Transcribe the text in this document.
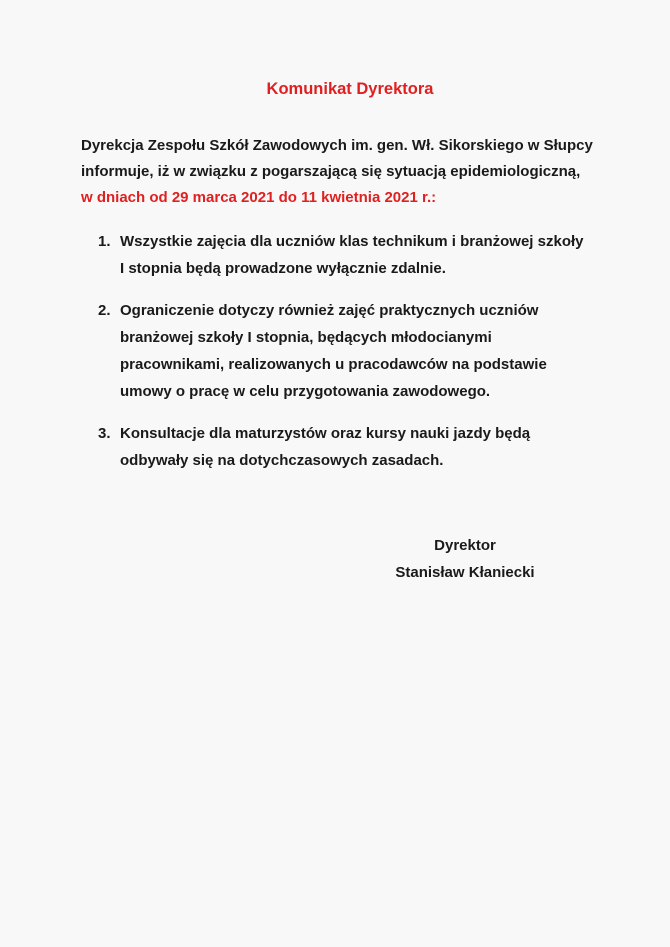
Komunikat Dyrektora
Dyrekcja Zespołu Szkół Zawodowych im. gen. Wł. Sikorskiego w Słupcy
informuje, iż w związku z pogarszającą się sytuacją epidemiologiczną,
w dniach od 29 marca 2021 do 11 kwietnia 2021 r.:
1. Wszystkie zajęcia dla uczniów klas technikum i branżowej szkoły
I stopnia będą prowadzone wyłącznie zdalnie.
2. Ograniczenie dotyczy również zajęć praktycznych uczniów
branżowej szkoły I stopnia, będących młodocianymi
pracownikami, realizowanych u pracodawców na podstawie
umowy o pracę w celu przygotowania zawodowego.
3. Konsultacje dla maturzystów oraz kursy nauki jazdy będą
odbywały się na dotychczasowych zasadach.
Dyrektor
Stanisław Kłaniecki
